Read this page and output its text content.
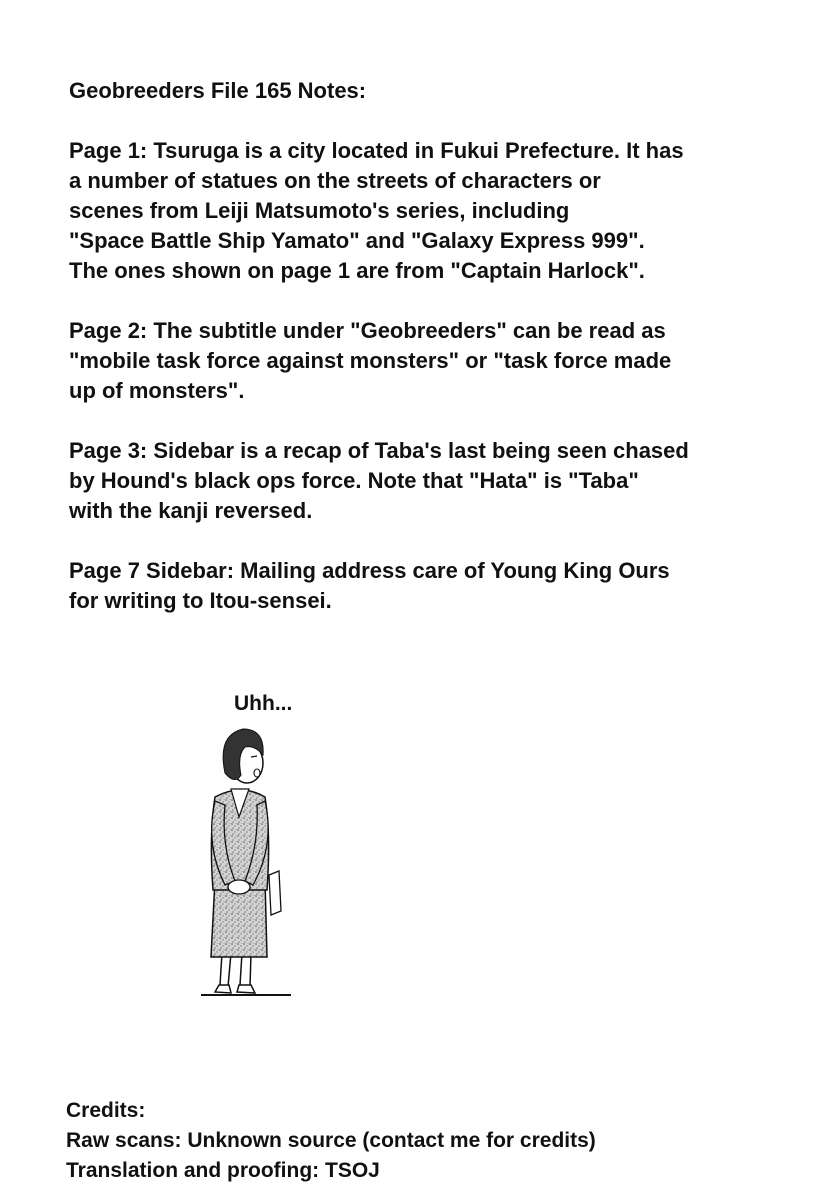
Geobreeders File 165 Notes:

Page 1: Tsuruga is a city located in Fukui Prefecture. It has

a number of statues on the streets of characters or

scenes from Leiji Matsumoto's series, including

"Space Battle Ship Yamato" and "Galaxy Express 999".

The ones shown on page 1 are from "Captain Harlock".

Page 2: The subtitle under "Geobreeders" can be read as

"mobile task force against monsters" or "task force made

up of monsters".

Page 3: Sidebar is a recap of Taba's last being seen chased

by Hound's black ops force. Note that "Hata" is "Taba"

with the kanji reversed.

Page 7 Sidebar: Mailing address care of Young King Ours

for writing to Itou-sensei.

Uhh...

Credits:

Raw scans: Unknown source (contact me for credits)

Translation and proofing: TSOJ
